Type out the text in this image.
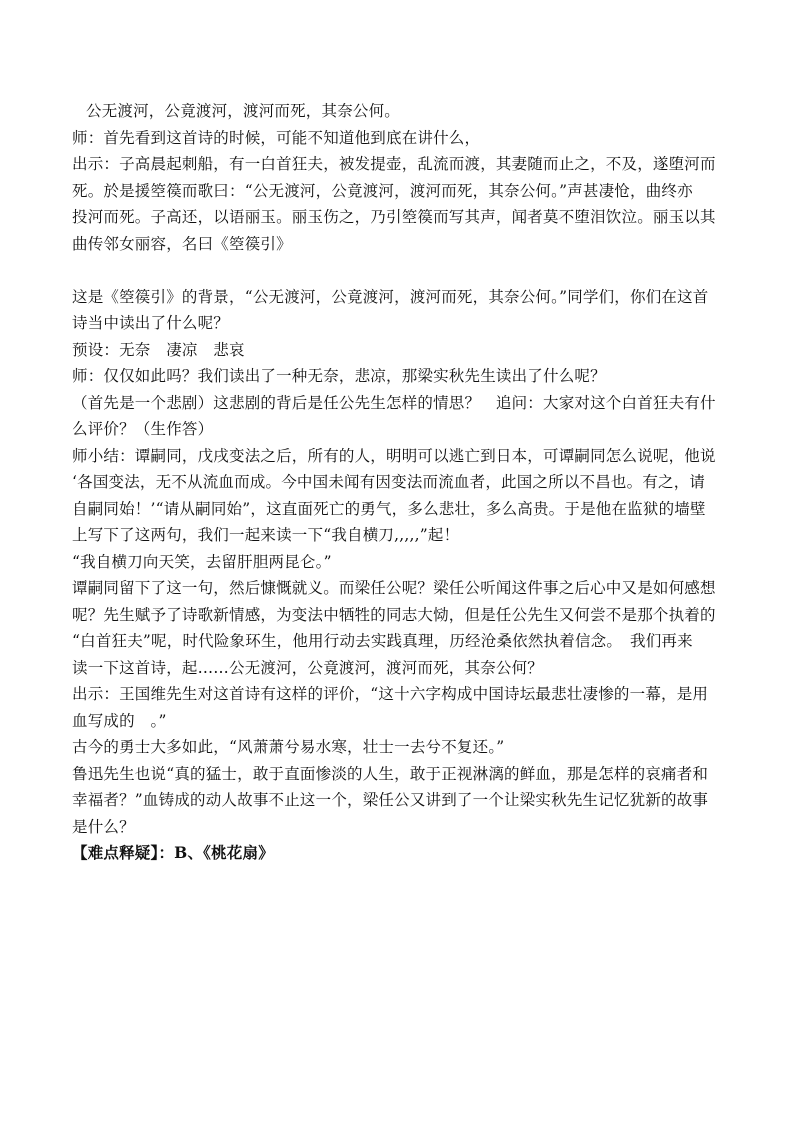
公无渡河，公竟渡河，渡河而死，其奈公何。
师：首先看到这首诗的时候，可能不知道他到底在讲什么，
出示：子高晨起刺船，有一白首狂夫，被发提壶，乱流而渡，其妻随而止之，不及，遂堕河而
死。於是援箜篌而歌曰：“公无渡河，公竟渡河，渡河而死，其奈公何。”声甚凄怆，曲终亦
投河而死。子高还，以语丽玉。丽玉伤之，乃引箜篌而写其声，闻者莫不堕泪饮泣。丽玉以其
曲传邻女丽容，名曰《箜篌引》
这是《箜篌引》的背景，“公无渡河，公竟渡河，渡河而死，其奈公何。”同学们，你们在这首
诗当中读出了什么呢？
预设：无奈　凄凉　悲哀
师：仅仅如此吗？我们读出了一种无奈，悲凉，那梁实秋先生读出了什么呢？
（首先是一个悲剧）这悲剧的背后是任公先生怎样的情思？　追问：大家对这个白首狂夫有什
么评价？（生作答）
师小结：谭嗣同，戊戌变法之后，所有的人，明明可以逃亡到日本，可谭嗣同怎么说呢，他说
‘各国变法，无不从流血而成。今中国未闻有因变法而流血者，此国之所以不昌也。有之，请
自嗣同始！’“请从嗣同始”，这直面死亡的勇气，多么悲壮，多么高贵。于是他在监狱的墙壁
上写下了这两句，我们一起来读一下“我自横刀,,,,,”起！
“我自横刀向天笑，去留肝胆两昆仑。”
谭嗣同留下了这一句，然后慷慨就义。而梁任公呢？梁任公听闻这件事之后心中又是如何感想
呢？先生赋予了诗歌新情感，为变法中牺牲的同志大恸，但是任公先生又何尝不是那个执着的
“白首狂夫”呢，时代险象环生，他用行动去实践真理，历经沧桑依然执着信念。　我们再来
读一下这首诗，起……公无渡河，公竟渡河，渡河而死，其奈公何？
出示：王国维先生对这首诗有这样的评价，“这十六字构成中国诗坛最悲壮凄惨的一幕，是用
血写成的　。”
古今的勇士大多如此，“风萧萧兮易水寒，壮士一去兮不复还。”
鲁迅先生也说“真的猛士，敢于直面惨淡的人生，敢于正视淋漓的鲜血，那是怎样的哀痛者和
幸福者？”血铸成的动人故事不止这一个，梁任公又讲到了一个让梁实秋先生记忆犹新的故事
是什么？
【难点释疑】：B、《桃花扇》
